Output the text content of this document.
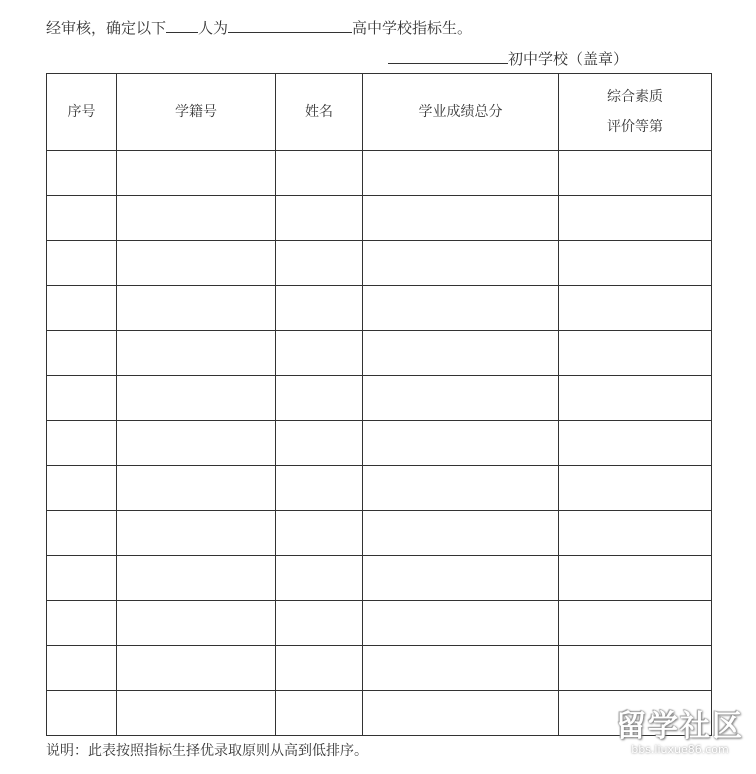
经审核，确定以下 人为	高中学校指标生。
初中学校（盖章）
序号	学籍号	姓名	学业成绩总分	综合素质
评价等第

说明：此表按照指标生择优录取原则从高到低排序。
留学社区
bbs.liuxue86.com
